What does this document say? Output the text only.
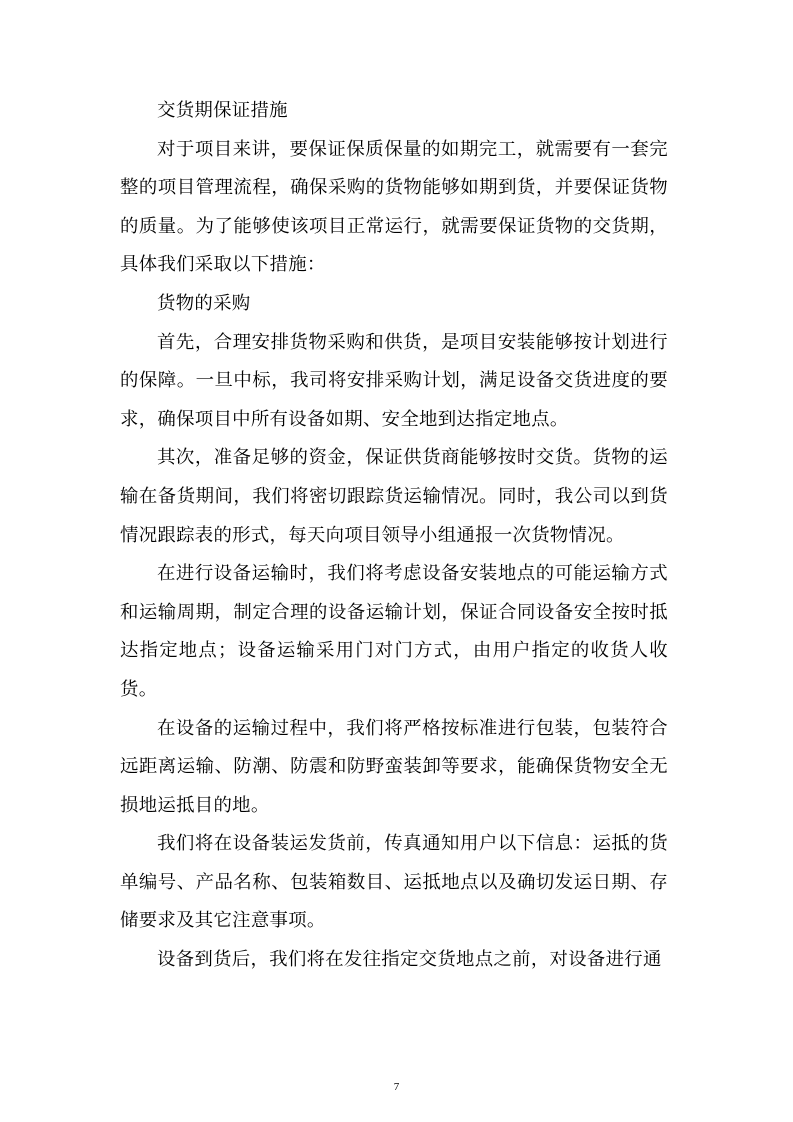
交货期保证措施

对于项目来讲，要保证保质保量的如期完工，就需要有一套完整的项目管理流程，确保采购的货物能够如期到货，并要保证货物的质量。为了能够使该项目正常运行，就需要保证货物的交货期，具体我们采取以下措施：

货物的采购

首先，合理安排货物采购和供货，是项目安装能够按计划进行的保障。一旦中标，我司将安排采购计划，满足设备交货进度的要求，确保项目中所有设备如期、安全地到达指定地点。

其次，准备足够的资金，保证供货商能够按时交货。货物的运输在备货期间，我们将密切跟踪货运输情况。同时，我公司以到货情况跟踪表的形式，每天向项目领导小组通报一次货物情况。

在进行设备运输时，我们将考虑设备安装地点的可能运输方式和运输周期，制定合理的设备运输计划，保证合同设备安全按时抵达指定地点；设备运输采用门对门方式，由用户指定的收货人收货。

在设备的运输过程中，我们将严格按标准进行包装，包装符合远距离运输、防潮、防震和防野蛮装卸等要求，能确保货物安全无损地运抵目的地。

我们将在设备装运发货前，传真通知用户以下信息：运抵的货单编号、产品名称、包装箱数目、运抵地点以及确切发运日期、存储要求及其它注意事项。

设备到货后，我们将在发往指定交货地点之前，对设备进行通

7
